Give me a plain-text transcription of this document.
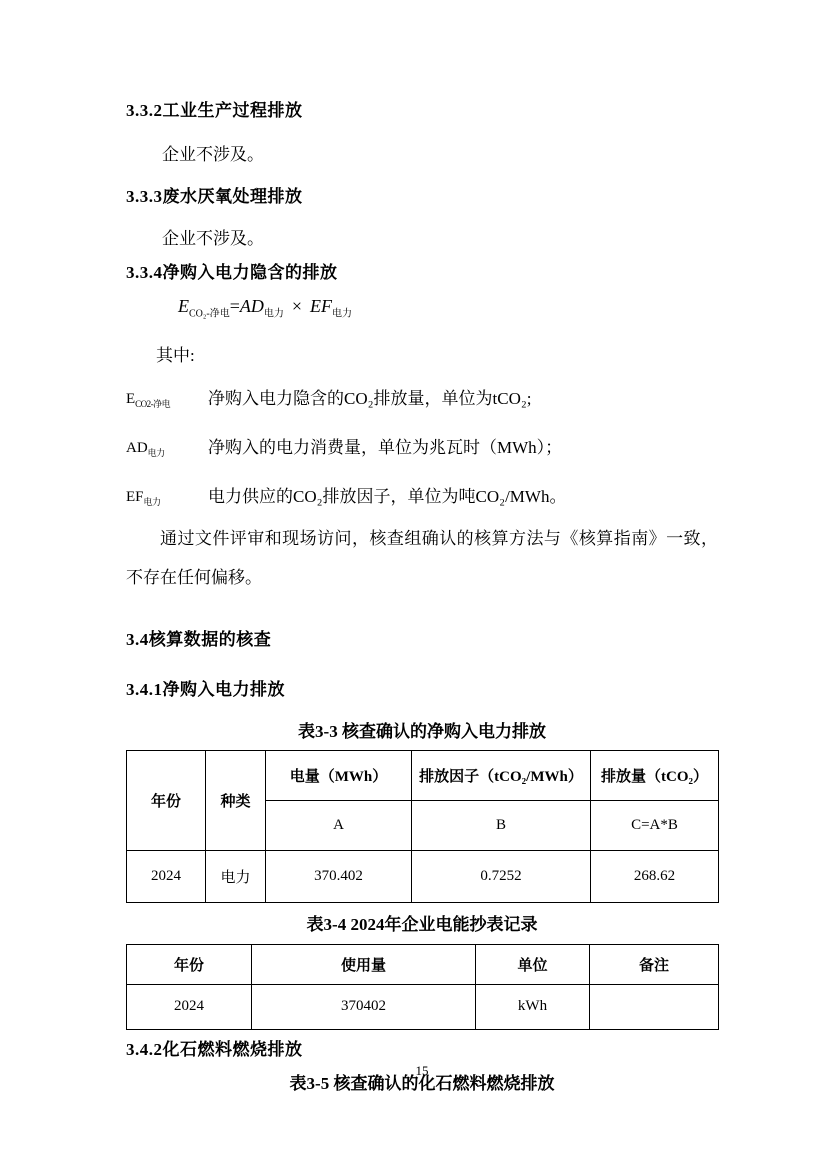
3.3.2工业生产过程排放

企业不涉及。

3.3.3废水厌氧处理排放

企业不涉及。

3.3.4净购入电力隐含的排放
$E_{CO_2-净电}=AD_{电力} \times EF_{电力}$

其中:

$E_{CO2-净电}$	净购入电力隐含的CO₂排放量，单位为tCO₂;
$AD_{电力}$	净购入的电力消费量，单位为兆瓦时（MWh）；
$EF_{电力}$	电力供应的CO₂排放因子，单位为吨CO₂/MWh。

通过文件评审和现场访问，核查组确认的核算方法与《核算指南》一致，不存在任何偏移。

3.4核算数据的核查
3.4.1净购入电力排放

表3-3 核查确认的净购入电力排放

年份	种类	电量（MWh）	排放因子（tCO₂/MWh）	排放量（tCO₂）
		A	B	C=A*B
2024	电力	370.402	0.7252	268.62

表3-4 2024年企业电能抄表记录

年份	使用量	单位	备注
2024	370402	kWh	
3.4.2化石燃料燃烧排放

表3-5 核查确认的化石燃料燃烧排放

15
